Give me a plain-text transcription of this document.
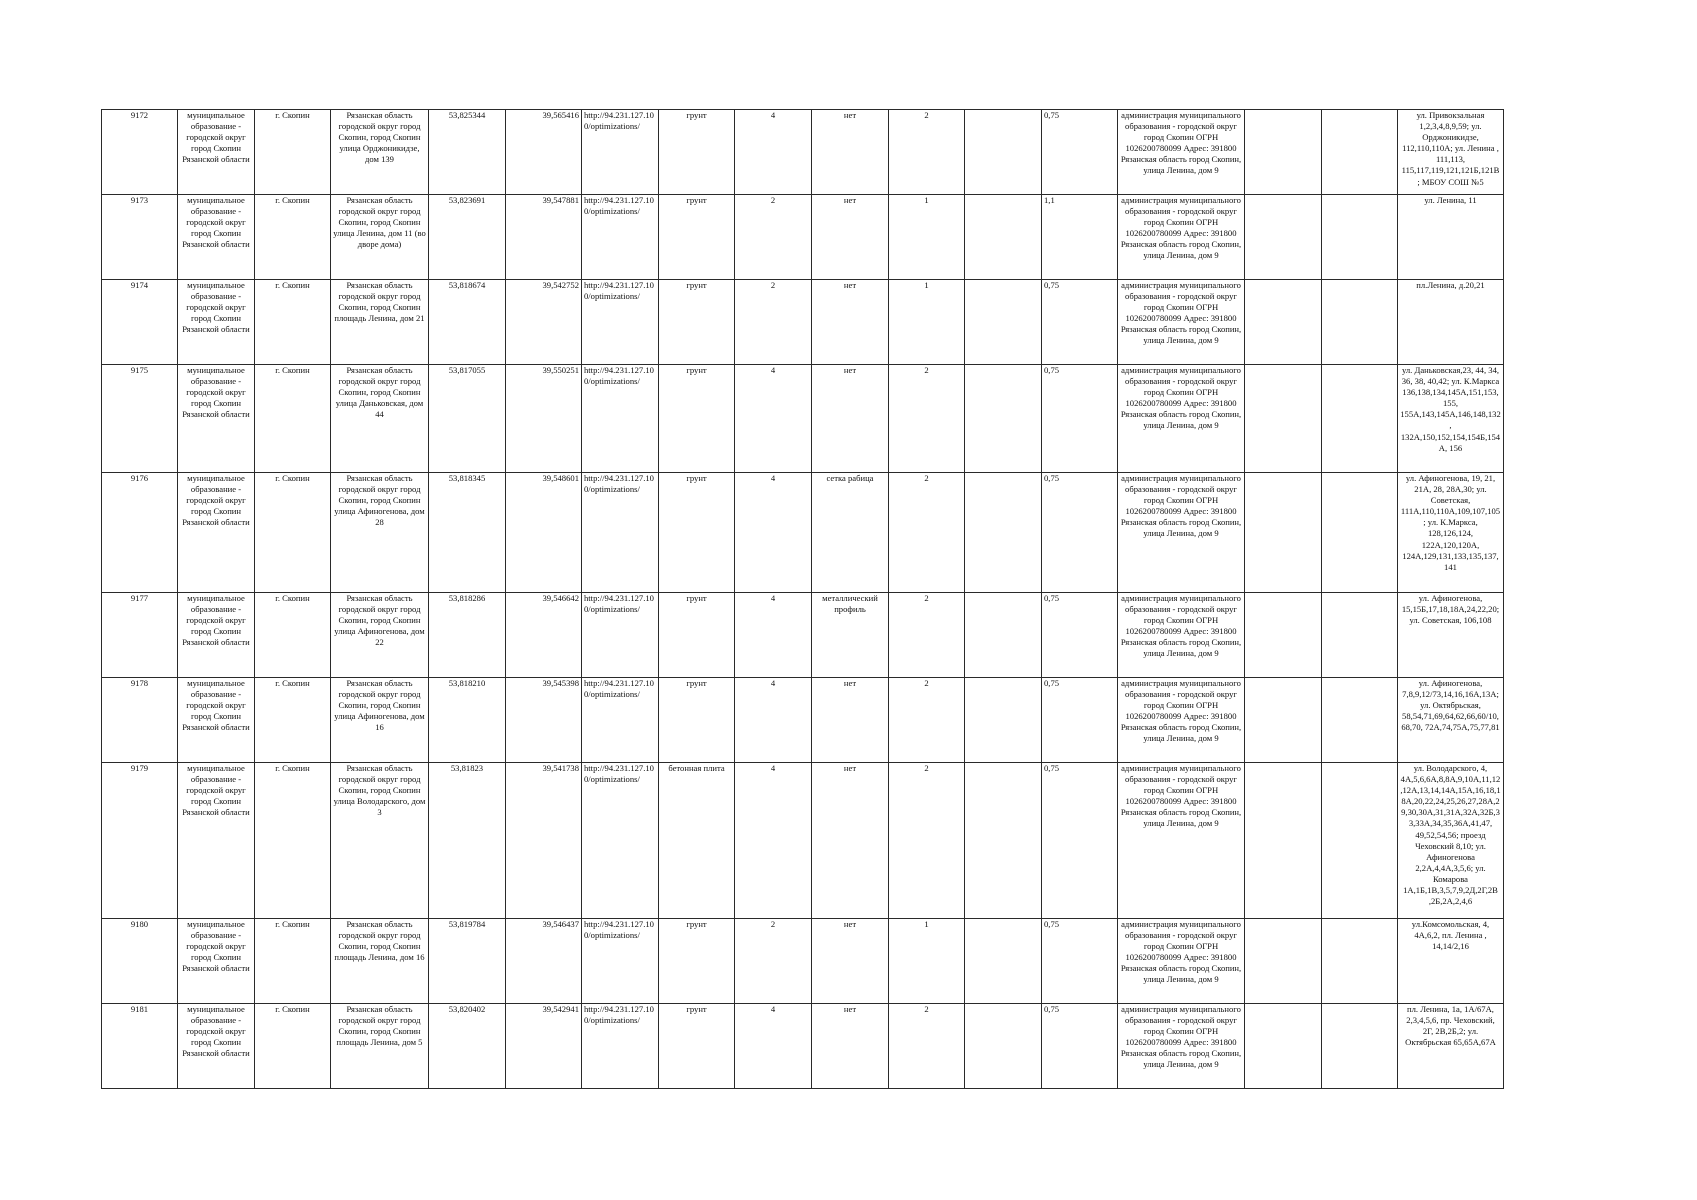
9172	муниципальное образование - городской округ город Скопин Рязанской области	г. Скопин	Рязанская область городской округ город Скопин, город Скопин улица Орджоникидзе, дом 139	53,825344	39,565416	http://94.231.127.10 0/optimizations/	грунт	4	нет	2		0,75	администрация муниципального образования - городской округ город Скопин ОГРН 1026200780099 Адрес: 391800 Рязанская область город Скопин, улица Ленина, дом 9			ул. Привокзальная 1,2,3,4,8,9,59; ул. Орджоникидзе, 112,110,110А; ул. Ленина , 111,113, 115,117,119,121,121Б,121В ; МБОУ СОШ №5
9173	муниципальное образование - городской округ город Скопин Рязанской области	г. Скопин	Рязанская область городской округ город Скопин, город Скопин улица Ленина, дом 11 (во дворе дома)	53,823691	39,547881	http://94.231.127.10 0/optimizations/	грунт	2	нет	1		1,1	администрация муниципального образования - городской округ город Скопин ОГРН 1026200780099 Адрес: 391800 Рязанская область город Скопин, улица Ленина, дом 9			ул. Ленина, 11
9174	муниципальное образование - городской округ город Скопин Рязанской области	г. Скопин	Рязанская область городской округ город Скопин, город Скопин площадь Ленина, дом 21	53,818674	39,542752	http://94.231.127.10 0/optimizations/	грунт	2	нет	1		0,75	администрация муниципального образования - городской округ город Скопин ОГРН 1026200780099 Адрес: 391800 Рязанская область город Скопин, улица Ленина, дом 9			пл.Ленина, д.20,21
9175	муниципальное образование - городской округ город Скопин Рязанской области	г. Скопин	Рязанская область городской округ город Скопин, город Скопин улица Даньковская, дом 44	53,817055	39,550251	http://94.231.127.10 0/optimizations/	грунт	4	нет	2		0,75	администрация муниципального образования - городской округ город Скопин ОГРН 1026200780099 Адрес: 391800 Рязанская область город Скопин, улица Ленина, дом 9			ул. Даньковская,23, 44, 34, 36, 38, 40,42; ул. К.Маркса 136,138,134,145А,151,153, 155, 155А,143,145А,146,148,132, 132А,150,152,154,154Б,154А, 156
9176	муниципальное образование - городской округ город Скопин Рязанской области	г. Скопин	Рязанская область городской округ город Скопин, город Скопин улица Афиногенова, дом 28	53,818345	39,548601	http://94.231.127.10 0/optimizations/	грунт	4	сетка рабица	2		0,75	администрация муниципального образования - городской округ город Скопин ОГРН 1026200780099 Адрес: 391800 Рязанская область город Скопин, улица Ленина, дом 9			ул. Афиногенова, 19, 21, 21А, 28, 28А,30; ул. Советская, 111А,110,110А,109,107,105; ул. К.Маркса, 128,126,124, 122А,120,120А, 124А,129,131,133,135,137, 141
9177	муниципальное образование - городской округ город Скопин Рязанской области	г. Скопин	Рязанская область городской округ город Скопин, город Скопин улица Афиногенова, дом 22	53,818286	39,546642	http://94.231.127.10 0/optimizations/	грунт	4	металлический профиль	2		0,75	администрация муниципального образования - городской округ город Скопин ОГРН 1026200780099 Адрес: 391800 Рязанская область город Скопин, улица Ленина, дом 9			ул. Афиногенова, 15,15Б,17,18,18А,24,22,20; ул. Советская, 106,108
9178	муниципальное образование - городской округ город Скопин Рязанской области	г. Скопин	Рязанская область городской округ город Скопин, город Скопин улица Афиногенова, дом 16	53,818210	39,545398	http://94.231.127.10 0/optimizations/	грунт	4	нет	2		0,75	администрация муниципального образования - городской округ город Скопин ОГРН 1026200780099 Адрес: 391800 Рязанская область город Скопин, улица Ленина, дом 9			ул. Афиногенова, 7,8,9,12/73,14,16,16А,13А; ул. Октябрьская, 58,54,71,69,64,62,66,60/10, 68,70, 72А,74,75А,75,77,81
9179	муниципальное образование - городской округ город Скопин Рязанской области	г. Скопин	Рязанская область городской округ город Скопин, город Скопин улица Володарского, дом 3	53,81823	39,541738	http://94.231.127.10 0/optimizations/	бетонная плита	4	нет	2		0,75	администрация муниципального образования - городской округ город Скопин ОГРН 1026200780099 Адрес: 391800 Рязанская область город Скопин, улица Ленина, дом 9			ул. Володарского, 4, 4А,5,6,6А,8,8А,9,10А,11,12,12А,13,14,14А,15А,16,18,18А,20,22,24,25,26,27,28А,29,30,30А,31,31А,32А,32Б,33,33А,34,35,36А,41,47, 49,52,54,56; проезд Чеховский 8,10; ул. Афиногенова 2,2А,4,4А,3,5,6; ул. Комарова 1А,1Б,1В,3,5,7,9,2Д,2Г,2В ,2Б,2А,2,4,6
9180	муниципальное образование - городской округ город Скопин Рязанской области	г. Скопин	Рязанская область городской округ город Скопин, город Скопин площадь Ленина, дом 16	53,819784	39,546437	http://94.231.127.10 0/optimizations/	грунт	2	нет	1		0,75	администрация муниципального образования - городской округ город Скопин ОГРН 1026200780099 Адрес: 391800 Рязанская область город Скопин, улица Ленина, дом 9			ул.Комсомольская, 4, 4А,6,2, пл. Ленина , 14,14/2,16
9181	муниципальное образование - городской округ город Скопин Рязанской области	г. Скопин	Рязанская область городской округ город Скопин, город Скопин площадь Ленина, дом 5	53,820402	39,542941	http://94.231.127.10 0/optimizations/	грунт	4	нет	2		0,75	администрация муниципального образования - городской округ город Скопин ОГРН 1026200780099 Адрес: 391800 Рязанская область город Скопин, улица Ленина, дом 9			пл. Ленина, 1а, 1А/67А, 2,3,4,5,6, пр. Чеховский, 2Г, 2В,2Б,2; ул. Октябрьская 65,65А,67А
